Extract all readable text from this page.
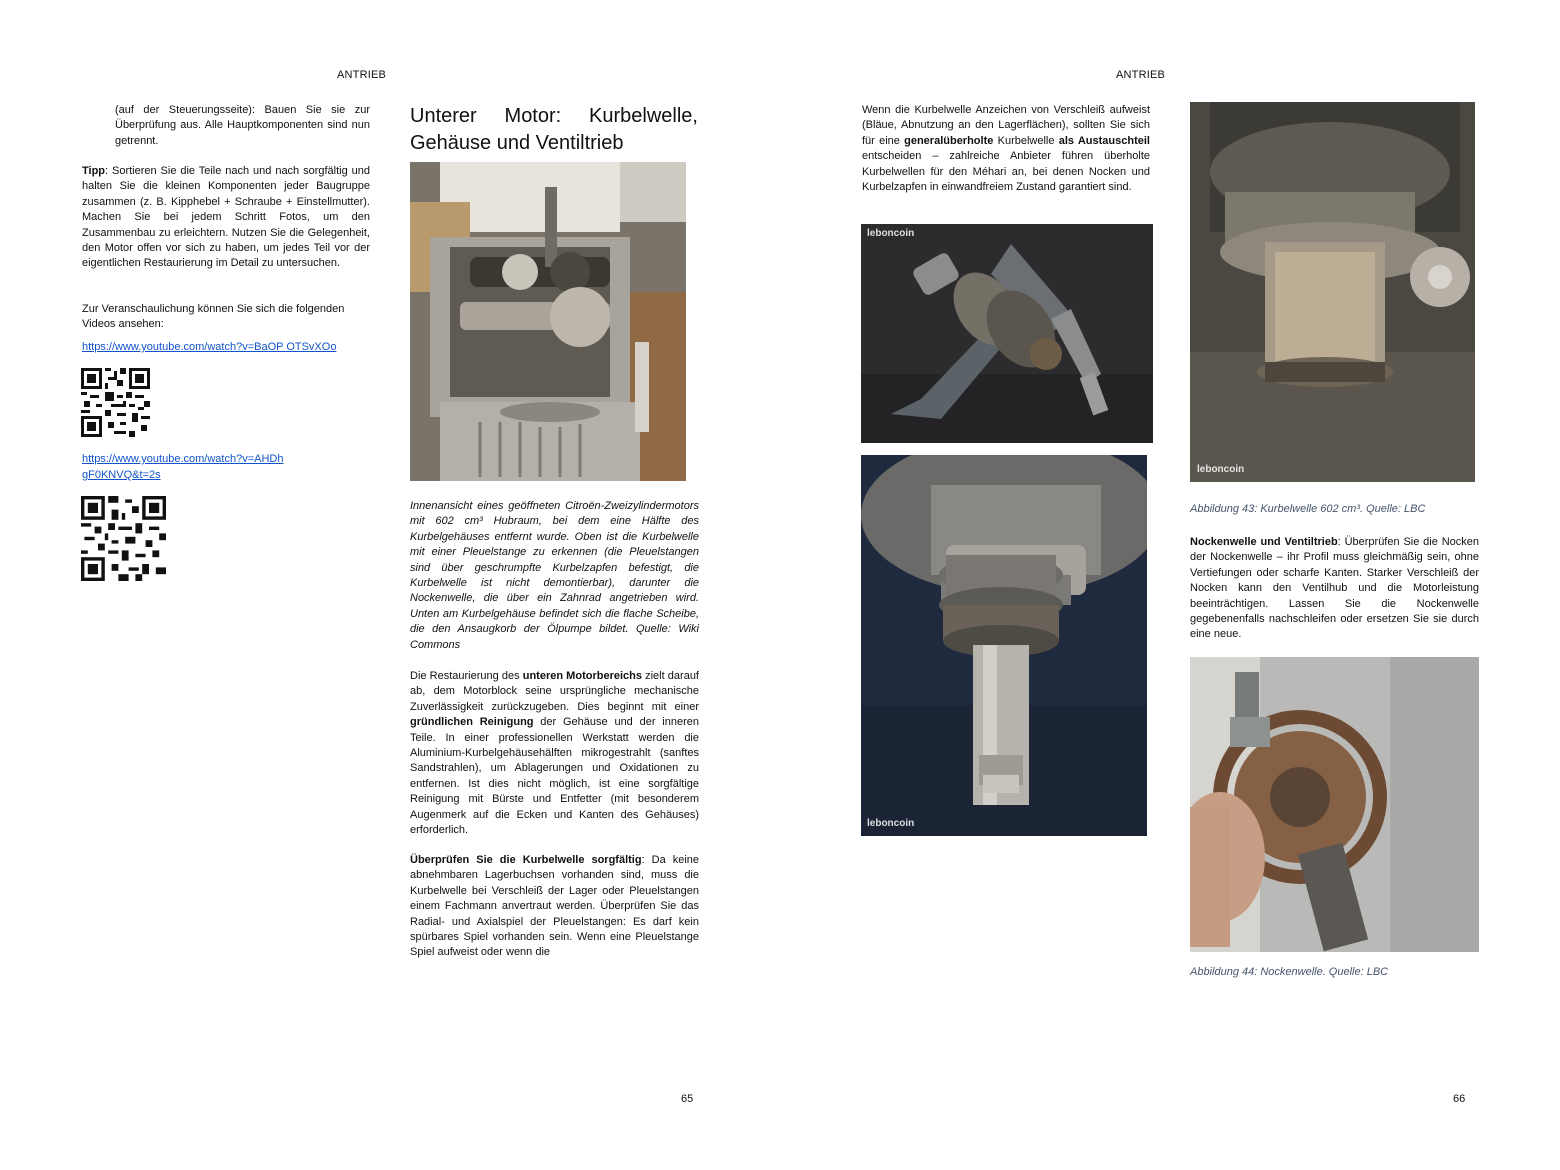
ANTRIEB

(auf der Steuerungsseite): Bauen Sie sie zur Überprüfung aus. Alle Hauptkomponenten sind nun getrennt.

Tipp: Sortieren Sie die Teile nach und nach sorgfältig und halten Sie die kleinen Komponenten jeder Baugruppe zusammen (z. B. Kipphebel + Schraube + Einstellmutter). Machen Sie bei jedem Schritt Fotos, um den Zusammenbau zu erleichtern. Nutzen Sie die Gelegenheit, den Motor offen vor sich zu haben, um jedes Teil vor der eigentlichen Restaurierung im Detail zu untersuchen.

Zur Veranschaulichung können Sie sich die folgenden Videos ansehen:

https://www.youtube.com/watch?v=BaOP OTSvXOo
https://www.youtube.com/watch?v=AHDh
gF0KNVQ&t=2s
Unterer Motor: Kurbelwelle,
Gehäuse und Ventiltrieb

Innenansicht eines geöffneten Citroën-Zweizylindermotors mit 602 cm³ Hubraum, bei dem eine Hälfte des Kurbelgehäuses entfernt wurde. Oben ist die Kurbelwelle mit einer Pleuelstange zu erkennen (die Pleuelstangen sind über geschrumpfte Kurbelzapfen befestigt, die Kurbelwelle ist nicht demontierbar), darunter die Nockenwelle, die über ein Zahnrad angetrieben wird. Unten am Kurbelgehäuse befindet sich die flache Scheibe, die den Ansaugkorb der Ölpumpe bildet. Quelle: Wiki Commons

Die Restaurierung des unteren Motorbereichs zielt darauf ab, dem Motorblock seine ursprüngliche mechanische Zuverlässigkeit zurückzugeben. Dies beginnt mit einer gründlichen Reinigung der Gehäuse und der inneren Teile. In einer professionellen Werkstatt werden die Aluminium-Kurbelgehäusehälften mikrogestrahlt (sanftes Sandstrahlen), um Ablagerungen und Oxidationen zu entfernen. Ist dies nicht möglich, ist eine sorgfältige Reinigung mit Bürste und Entfetter (mit besonderem Augenmerk auf die Ecken und Kanten des Gehäuses) erforderlich.

Überprüfen Sie die Kurbelwelle sorgfältig: Da keine abnehmbaren Lagerbuchsen vorhanden sind, muss die Kurbelwelle bei Verschleiß der Lager oder Pleuelstangen einem Fachmann anvertraut werden. Überprüfen Sie das Radial- und Axialspiel der Pleuelstangen: Es darf kein spürbares Spiel vorhanden sein. Wenn eine Pleuelstange Spiel aufweist oder wenn die

65
ANTRIEB

Wenn die Kurbelwelle Anzeichen von Verschleiß aufweist (Bläue, Abnutzung an den Lagerflächen), sollten Sie sich für eine generalüberholte Kurbelwelle als Austauschteil entscheiden – zahlreiche Anbieter führen überholte Kurbelwellen für den Méhari an, bei denen Nocken und Kurbelzapfen in einwandfreiem Zustand garantiert sind.

leboncoin
leboncoin
leboncoin

Abbildung 43: Kurbelwelle 602 cm³. Quelle: LBC

Nockenwelle und Ventiltrieb: Überprüfen Sie die Nocken der Nockenwelle – ihr Profil muss gleichmäßig sein, ohne Vertiefungen oder scharfe Kanten. Starker Verschleiß der Nocken kann den Ventilhub und die Motorleistung beeinträchtigen. Lassen Sie die Nockenwelle gegebenenfalls nachschleifen oder ersetzen Sie sie durch eine neue.

Abbildung 44: Nockenwelle. Quelle: LBC

66
